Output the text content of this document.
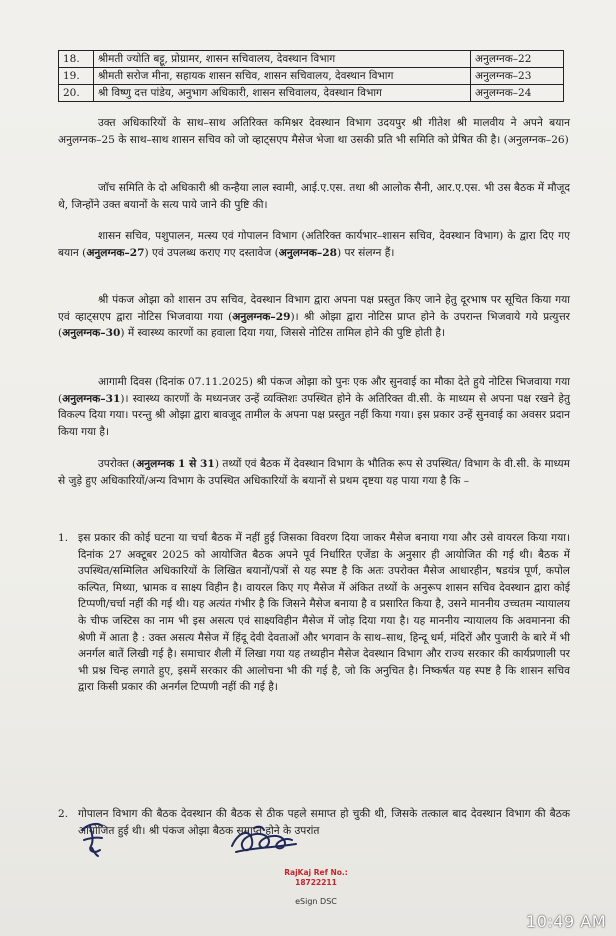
18.	श्रीमती ज्योति बट्टू, प्रोग्रामर, शासन सचिवालय, देवस्थान विभाग	अनुलग्नक–22
19.	श्रीमती सरोज मीना, सहायक शासन सचिव, शासन सचिवालय, देवस्थान विभाग	अनुलग्नक–23
20.	श्री विष्णु दत्त पांडेय, अनुभाग अधिकारी, शासन सचिवालय, देवस्थान विभाग	अनुलग्नक–24

उक्त अधिकारियों के साथ–साथ अतिरिक्त कमिश्नर देवस्थान विभाग उदयपुर श्री गीतेश श्री मालवीय ने अपने बयान अनुलग्नक–25 के साथ–साथ शासन सचिव को जो व्हाट्सएप मैसेज भेजा था उसकी प्रति भी समिति को प्रेषित की है। (अनुलग्नक–26)

जॉच समिति के दो अधिकारी श्री कन्हैया लाल स्वामी, आई.ए.एस. तथा श्री आलोक सैनी, आर.ए.एस. भी उस बैठक में मौजूद थे, जिन्होंने उक्त बयानों के सत्य पाये जाने की पुष्टि की।

शासन सचिव, पशुपालन, मत्स्य एवं गोपालन विभाग (अतिरिक्त कार्यभार–शासन सचिव, देवस्थान विभाग) के द्वारा दिए गए बयान (अनुलग्नक–27) एवं उपलब्ध कराए गए दस्तावेज (अनुलग्नक–28) पर संलग्न हैं।

श्री पंकज ओझा को शासन उप सचिव, देवस्थान विभाग द्वारा अपना पक्ष प्रस्तुत किए जाने हेतु दूरभाष पर सूचित किया गया एवं व्हाट्सएप द्वारा नोटिस भिजवाया गया (अनुलग्नक–29)। श्री ओझा द्वारा नोटिस प्राप्त होने के उपरान्त भिजवाये गये प्रत्युत्तर (अनुलग्नक–30) में स्वास्थ्य कारणों का हवाला दिया गया, जिससे नोटिस तामिल होने की पुष्टि होती है।

आगामी दिवस (दिनांक 07.11.2025) श्री पंकज ओझा को पुनः एक और सुनवाई का मौका देते हुये नोटिस भिजवाया गया (अनुलग्नक–31)। स्वास्थ्य कारणों के मध्यनजर उन्हें व्यक्तिशः उपस्थित होने के अतिरिक्त वी.सी. के माध्यम से अपना पक्ष रखने हेतु विकल्प दिया गया। परन्तु श्री ओझा द्वारा बावजूद तामील के अपना पक्ष प्रस्तुत नहीं किया गया। इस प्रकार उन्हें सुनवाई का अवसर प्रदान किया गया है।

उपरोक्त (अनुलग्नक 1 से 31) तथ्यों एवं बैठक में देवस्थान विभाग के भौतिक रूप से उपस्थित/ विभाग के वी.सी. के माध्यम से जुड़े हुए अधिकारियों/अन्य विभाग के उपस्थित अधिकारियों के बयानों से प्रथम दृष्टया यह पाया गया है कि –

1. इस प्रकार की कोई घटना या चर्चा बैठक में नहीं हुई जिसका विवरण दिया जाकर मैसेज बनाया गया और उसे वायरल किया गया। दिनांक 27 अक्टूबर 2025 को आयोजित बैठक अपने पूर्व निर्धारित एजेंडा के अनुसार ही आयोजित की गई थी। बैठक में उपस्थित/सम्मिलित अधिकारियों के लिखित बयानों/पत्रों से यह स्पष्ट है कि अतः उपरोक्त मैसेज आधारहीन, षडयंत्र पूर्ण, कपोल कल्पित, मिथ्या, भ्रामक व साक्ष्य विहीन है। वायरल किए गए मैसेज में अंकित तथ्यों के अनुरूप शासन सचिव देवस्थान द्वारा कोई टिप्पणी/चर्चा नहीं की गई थी। यह अत्यंत गंभीर है कि जिसने मैसेज बनाया है व प्रसारित किया है, उसने माननीय उच्चतम न्यायालय के चीफ जस्टिस का नाम भी इस असत्य एवं साक्ष्यविहीन मैसेज में जोड़ दिया गया है। यह माननीय न्यायालय कि अवमानना की श्रेणी में आता है : उक्त असत्य मैसेज में हिंदू देवी देवताओं और भगवान के साथ–साथ, हिन्दू धर्म, मंदिरों और पुजारी के बारे में भी अनर्गल बातें लिखी गई है। समाचार शैली में लिखा गया यह तथ्यहीन मैसेज देवस्थान विभाग और राज्य सरकार की कार्यप्रणाली पर भी प्रश्न चिन्ह लगाते हुए, इसमें सरकार की आलोचना भी की गई है, जो कि अनुचित है। निष्कर्षत यह स्पष्ट है कि शासन सचिव द्वारा किसी प्रकार की अनर्गल टिप्पणी नहीं की गई है।

2. गोपालन विभाग की बैठक देवस्थान की बैठक से ठीक पहले समाप्त हो चुकी थी, जिसके तत्काल बाद देवस्थान विभाग की बैठक आयोजित हुई थी। श्री पंकज ओझा बैठक समाप्त होने के उपरांत

RajKaj Ref No.:
18722211
eSign DSC
10:49 AM
